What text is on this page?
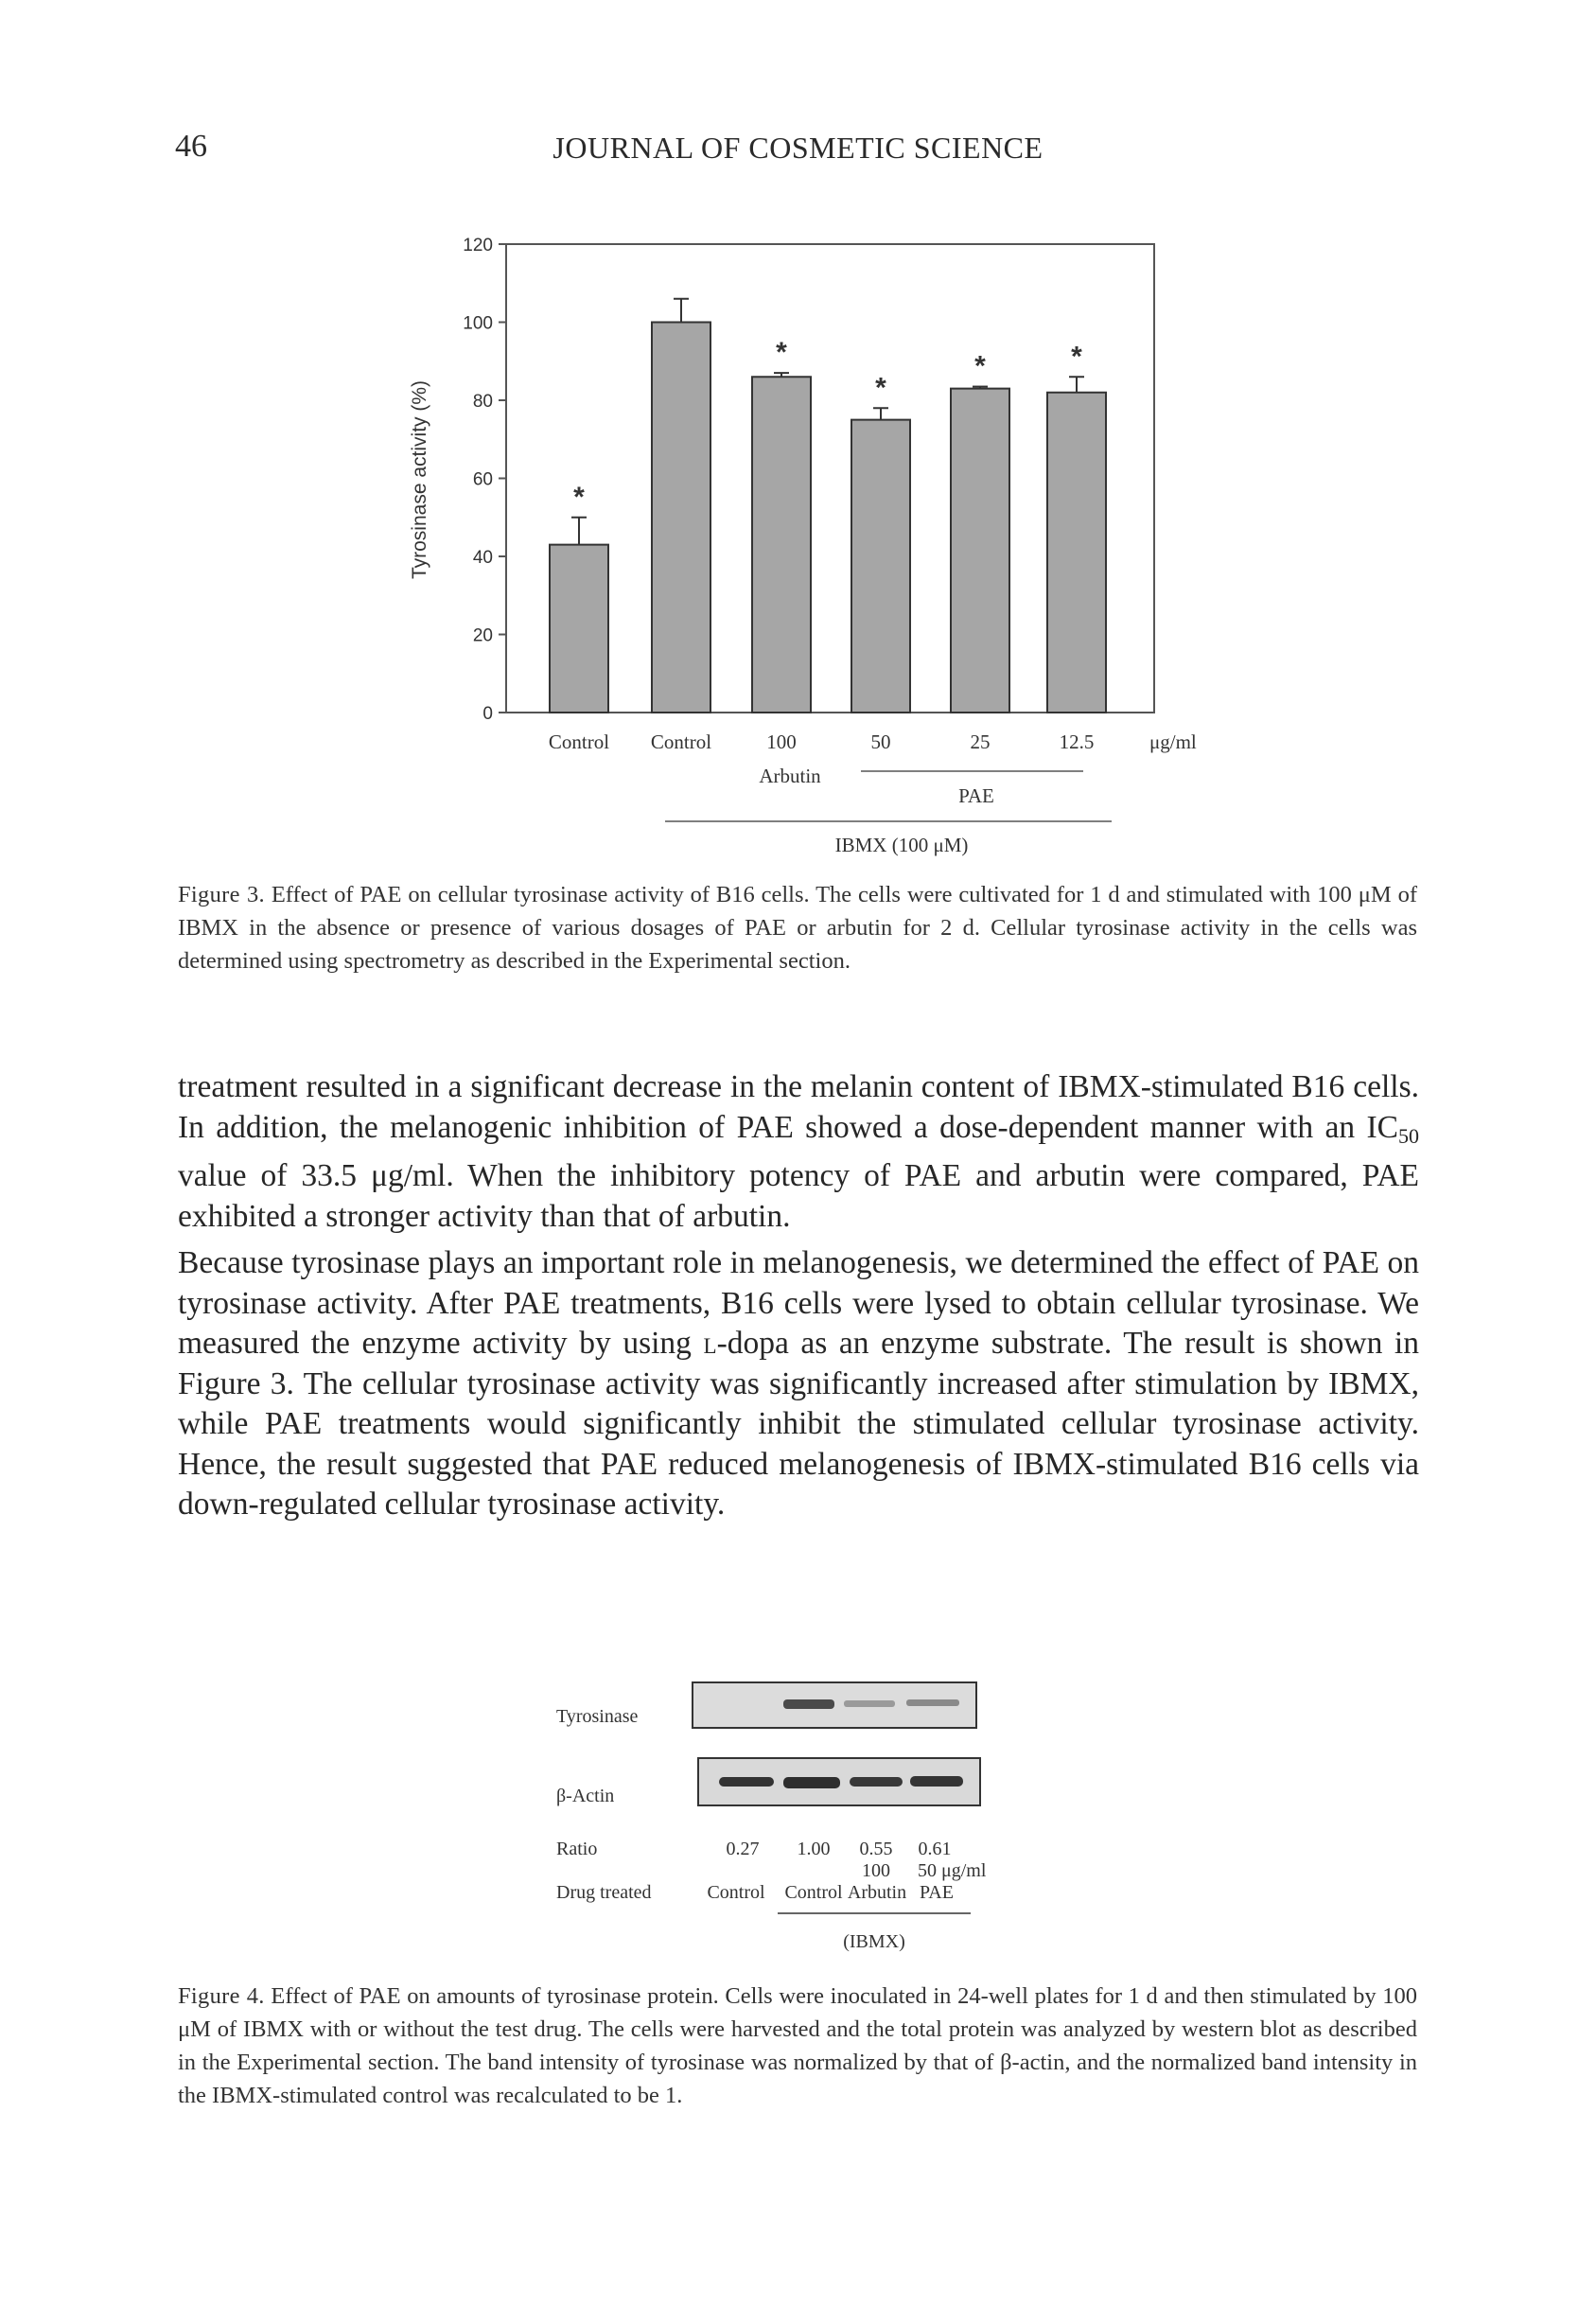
46	JOURNAL OF COSMETIC SCIENCE
0
20
40
60
80
100
120
Tyrosinase activity (%)	*
*
*
*	*
Control Control	100	50	25	12.5	μg/ml
Arbutin
PAE
IBMX (100 μM)
Figure 3. Effect of PAE on cellular tyrosinase activity of B16 cells. The cells were cultivated for 1 d and stimulated with 100 μM of IBMX in the absence or presence of various dosages of PAE or arbutin for 2 d. Cellular tyrosinase activity in the cells was determined using spectrometry as described in the Experimental section.

treatment resulted in a significant decrease in the melanin content of IBMX-stimulated B16 cells. In addition, the melanogenic inhibition of PAE showed a dose-dependent manner with an $IC_{50}$ value of 33.5 μg/ml. When the inhibitory potency of PAE and arbutin were compared, PAE exhibited a stronger activity than that of arbutin.

Because tyrosinase plays an important role in melanogenesis, we determined the effect of PAE on tyrosinase activity. After PAE treatments, B16 cells were lysed to obtain cellular tyrosinase. We measured the enzyme activity by using l-dopa as an enzyme substrate. The result is shown in Figure 3. The cellular tyrosinase activity was significantly increased after stimulation by IBMX, while PAE treatments would significantly inhibit the stimulated cellular tyrosinase activity. Hence, the result suggested that PAE reduced melanogenesis of IBMX-stimulated B16 cells via down-regulated cellular tyrosinase activity.

Tyrosinase
β-Actin
Ratio	0.27 1.00 0.55 0.61
100 50 μg/ml
Drug treated	Control Control Arbutin PAE
(IBMX)
Figure 4. Effect of PAE on amounts of tyrosinase protein. Cells were inoculated in 24-well plates for 1 d and then stimulated by 100 μM of IBMX with or without the test drug. The cells were harvested and the total protein was analyzed by western blot as described in the Experimental section. The band intensity of tyrosinase was normalized by that of β-actin, and the normalized band intensity in the IBMX-stimulated control was recalculated to be 1.
